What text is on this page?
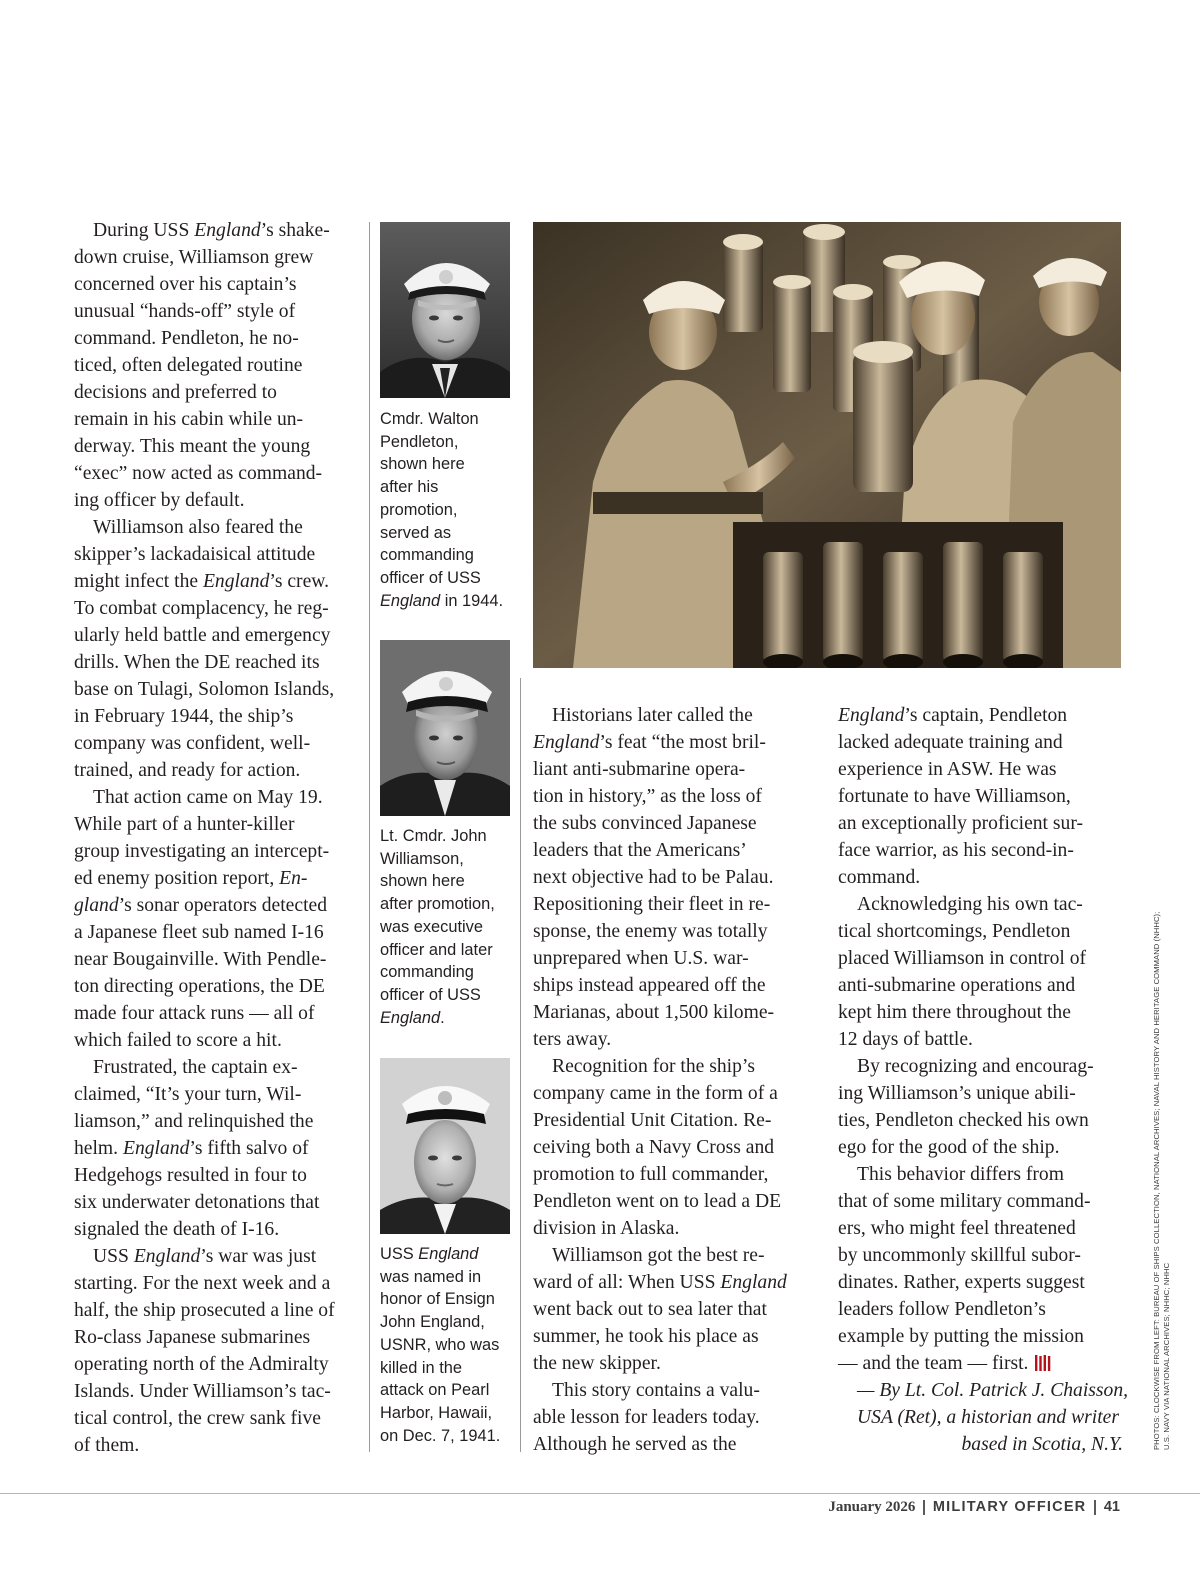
During USS England’s shake-
down cruise, Williamson grew
concerned over his captain’s
unusual “hands-off” style of
command. Pendleton, he no-
ticed, often delegated routine
decisions and preferred to
remain in his cabin while un-
derway. This meant the young
“exec” now acted as command-
ing officer by default.
Williamson also feared the
skipper’s lackadaisical attitude
might infect the England’s crew.
To combat complacency, he reg-
ularly held battle and emergency
drills. When the DE reached its
base on Tulagi, Solomon Islands,
in February 1944, the ship’s
company was confident, well-
trained, and ready for action.
That action came on May 19.
While part of a hunter-killer
group investigating an intercept-
ed enemy position report, En-
gland’s sonar operators detected
a Japanese fleet sub named I-16
near Bougainville. With Pendle-
ton directing operations, the DE
made four attack runs — all of
which failed to score a hit.
Frustrated, the captain ex-
claimed, “It’s your turn, Wil-
liamson,” and relinquished the
helm. England’s fifth salvo of
Hedgehogs resulted in four to
six underwater detonations that
signaled the death of I-16.
USS England’s war was just
starting. For the next week and a
half, the ship prosecuted a line of
Ro-class Japanese submarines
operating north of the Admiralty
Islands. Under Williamson’s tac-
tical control, the crew sank five
of them.
Cmdr. Walton
Pendleton,
shown here
after his
promotion,
served as
commanding
officer of USS
England in 1944.
Lt. Cmdr. John
Williamson,
shown here
after promotion,
was executive
officer and later
commanding
officer of USS
England.
USS England
was named in
honor of Ensign
John England,
USNR, who was
killed in the
attack on Pearl
Harbor, Hawaii,
on Dec. 7, 1941.
Historians later called the
England’s feat “the most bril-
liant anti-submarine opera-
tion in history,” as the loss of
the subs convinced Japanese
leaders that the Americans’
next objective had to be Palau.
Repositioning their fleet in re-
sponse, the enemy was totally
unprepared when U.S. war-
ships instead appeared off the
Marianas, about 1,500 kilome-
ters away.
Recognition for the ship’s
company came in the form of a
Presidential Unit Citation. Re-
ceiving both a Navy Cross and
promotion to full commander,
Pendleton went on to lead a DE
division in Alaska.
Williamson got the best re-
ward of all: When USS England
went back out to sea later that
summer, he took his place as
the new skipper.
This story contains a valu-
able lesson for leaders today.
Although he served as the
England’s captain, Pendleton
lacked adequate training and
experience in ASW. He was
fortunate to have Williamson,
an exceptionally proficient sur-
face warrior, as his second-in-
command.
Acknowledging his own tac-
tical shortcomings, Pendleton
placed Williamson in control of
anti-submarine operations and
kept him there throughout the
12 days of battle.
By recognizing and encourag-
ing Williamson’s unique abili-
ties, Pendleton checked his own
ego for the good of the ship.
This behavior differs from
that of some military command-
ers, who might feel threatened
by uncommonly skillful subor-
dinates. Rather, experts suggest
leaders follow Pendleton’s
example by putting the mission
— and the team — first.
— By Lt. Col. Patrick J. Chaisson,
USA (Ret), a historian and writer
based in Scotia, N.Y.	PHOTOS: CLOCKWISE FROM LEFT: BUREAU OF SHIPS COLLECTION, NATIONAL ARCHIVES; NAVAL HISTORY AND HERITAGE COMMAND (NHHC); U.S. NAVY VIA NATIONAL ARCHIVES; NHHC; NHHC
January 2026 MILITARY OFFICER 41
